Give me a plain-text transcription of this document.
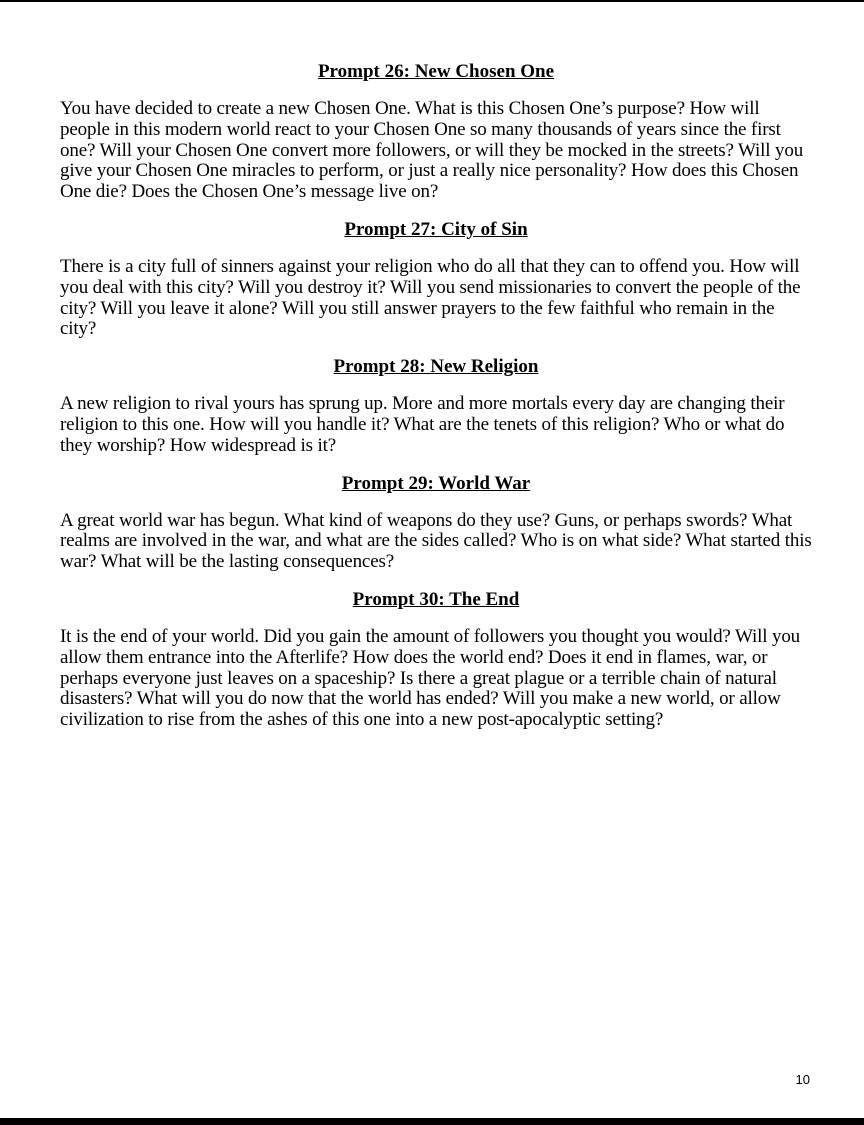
Prompt 26: New Chosen One

You have decided to create a new Chosen One. What is this Chosen One’s purpose? How will people in this modern world react to your Chosen One so many thousands of years since the first one? Will your Chosen One convert more followers, or will they be mocked in the streets? Will you give your Chosen One miracles to perform, or just a really nice personality? How does this Chosen One die? Does the Chosen One’s message live on?

Prompt 27: City of Sin

There is a city full of sinners against your religion who do all that they can to offend you. How will you deal with this city? Will you destroy it? Will you send missionaries to convert the people of the city? Will you leave it alone? Will you still answer prayers to the few faithful who remain in the city?

Prompt 28: New Religion

A new religion to rival yours has sprung up. More and more mortals every day are changing their religion to this one. How will you handle it? What are the tenets of this religion? Who or what do they worship? How widespread is it?

Prompt 29: World War

A great world war has begun. What kind of weapons do they use? Guns, or perhaps swords? What realms are involved in the war, and what are the sides called? Who is on what side? What started this war? What will be the lasting consequences?

Prompt 30: The End

It is the end of your world. Did you gain the amount of followers you thought you would? Will you allow them entrance into the Afterlife? How does the world end? Does it end in flames, war, or perhaps everyone just leaves on a spaceship? Is there a great plague or a terrible chain of natural disasters? What will you do now that the world has ended? Will you make a new world, or allow civilization to rise from the ashes of this one into a new post-apocalyptic setting?

10
